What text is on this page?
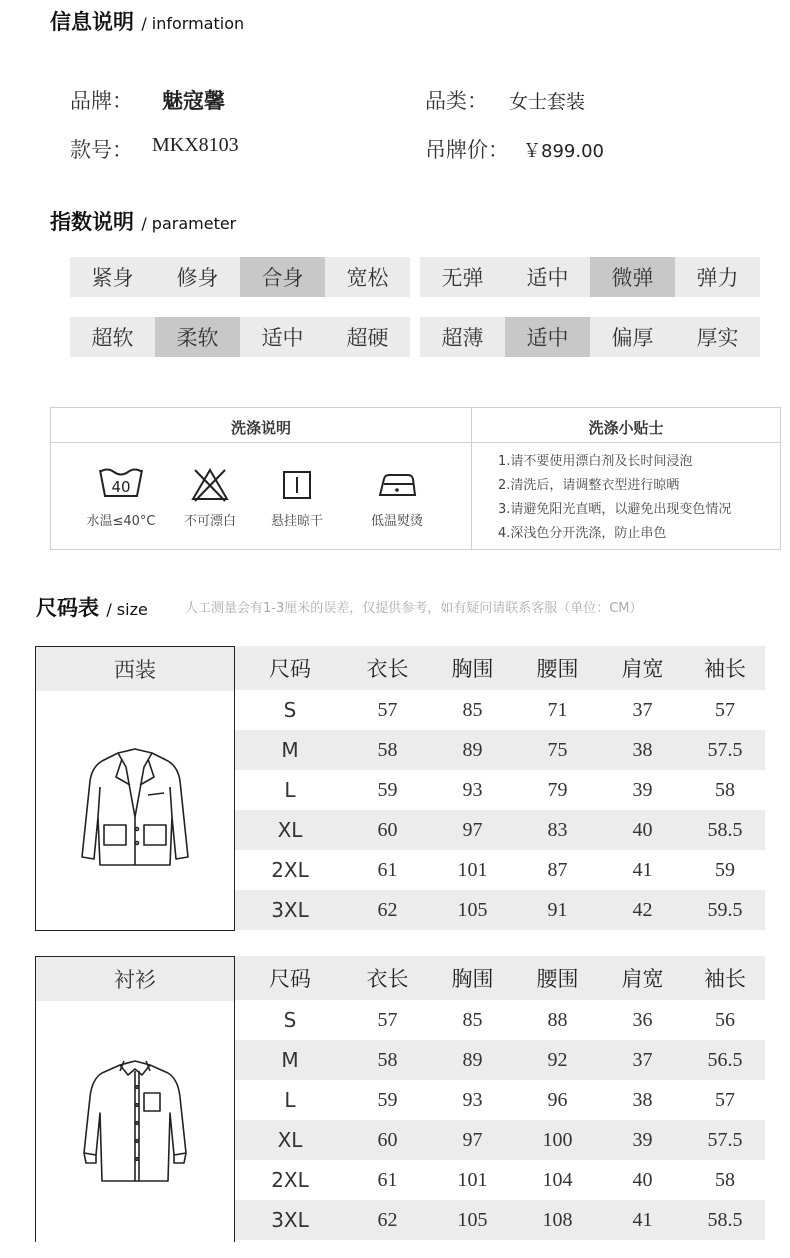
信息说明 / information
品牌： 魅寇馨	品类： 女士套装
款号： MKX8103	吊牌价： ￥899.00
指数说明 / parameter
紧身	修身	合身	宽松	无弹	适中	微弹	弹力
超软	柔软	适中	超硬	超薄	适中	偏厚	厚实
洗涤说明	洗涤小贴士
40
水温≤40°C	不可漂白	悬挂晾干	低温熨烫
1.请不要使用漂白剂及长时间浸泡
2.清洗后，请调整衣型进行晾晒
3.请避免阳光直晒，以避免出现变色情况
4.深浅色分开洗涤，防止串色
尺码表 / size	人工测量会有1-3厘米的误差，仅提供参考，如有疑问请联系客服（单位：CM）
西装	尺码	衣长	胸围	腰围	肩宽	袖长
S	57	85	71	37	57
M	58	89	75	38	57.5
L	59	93	79	39	58
XL	60	97	83	40	58.5
2XL	61	101	87	41	59
3XL	62	105	91	42	59.5
衬衫	尺码	衣长	胸围	腰围	肩宽	袖长
S	57	85	88	36	56
M	58	89	92	37	56.5
L	59	93	96	38	57
XL	60	97	100	39	57.5
2XL	61	101	104	40	58
3XL	62	105	108	41	58.5
